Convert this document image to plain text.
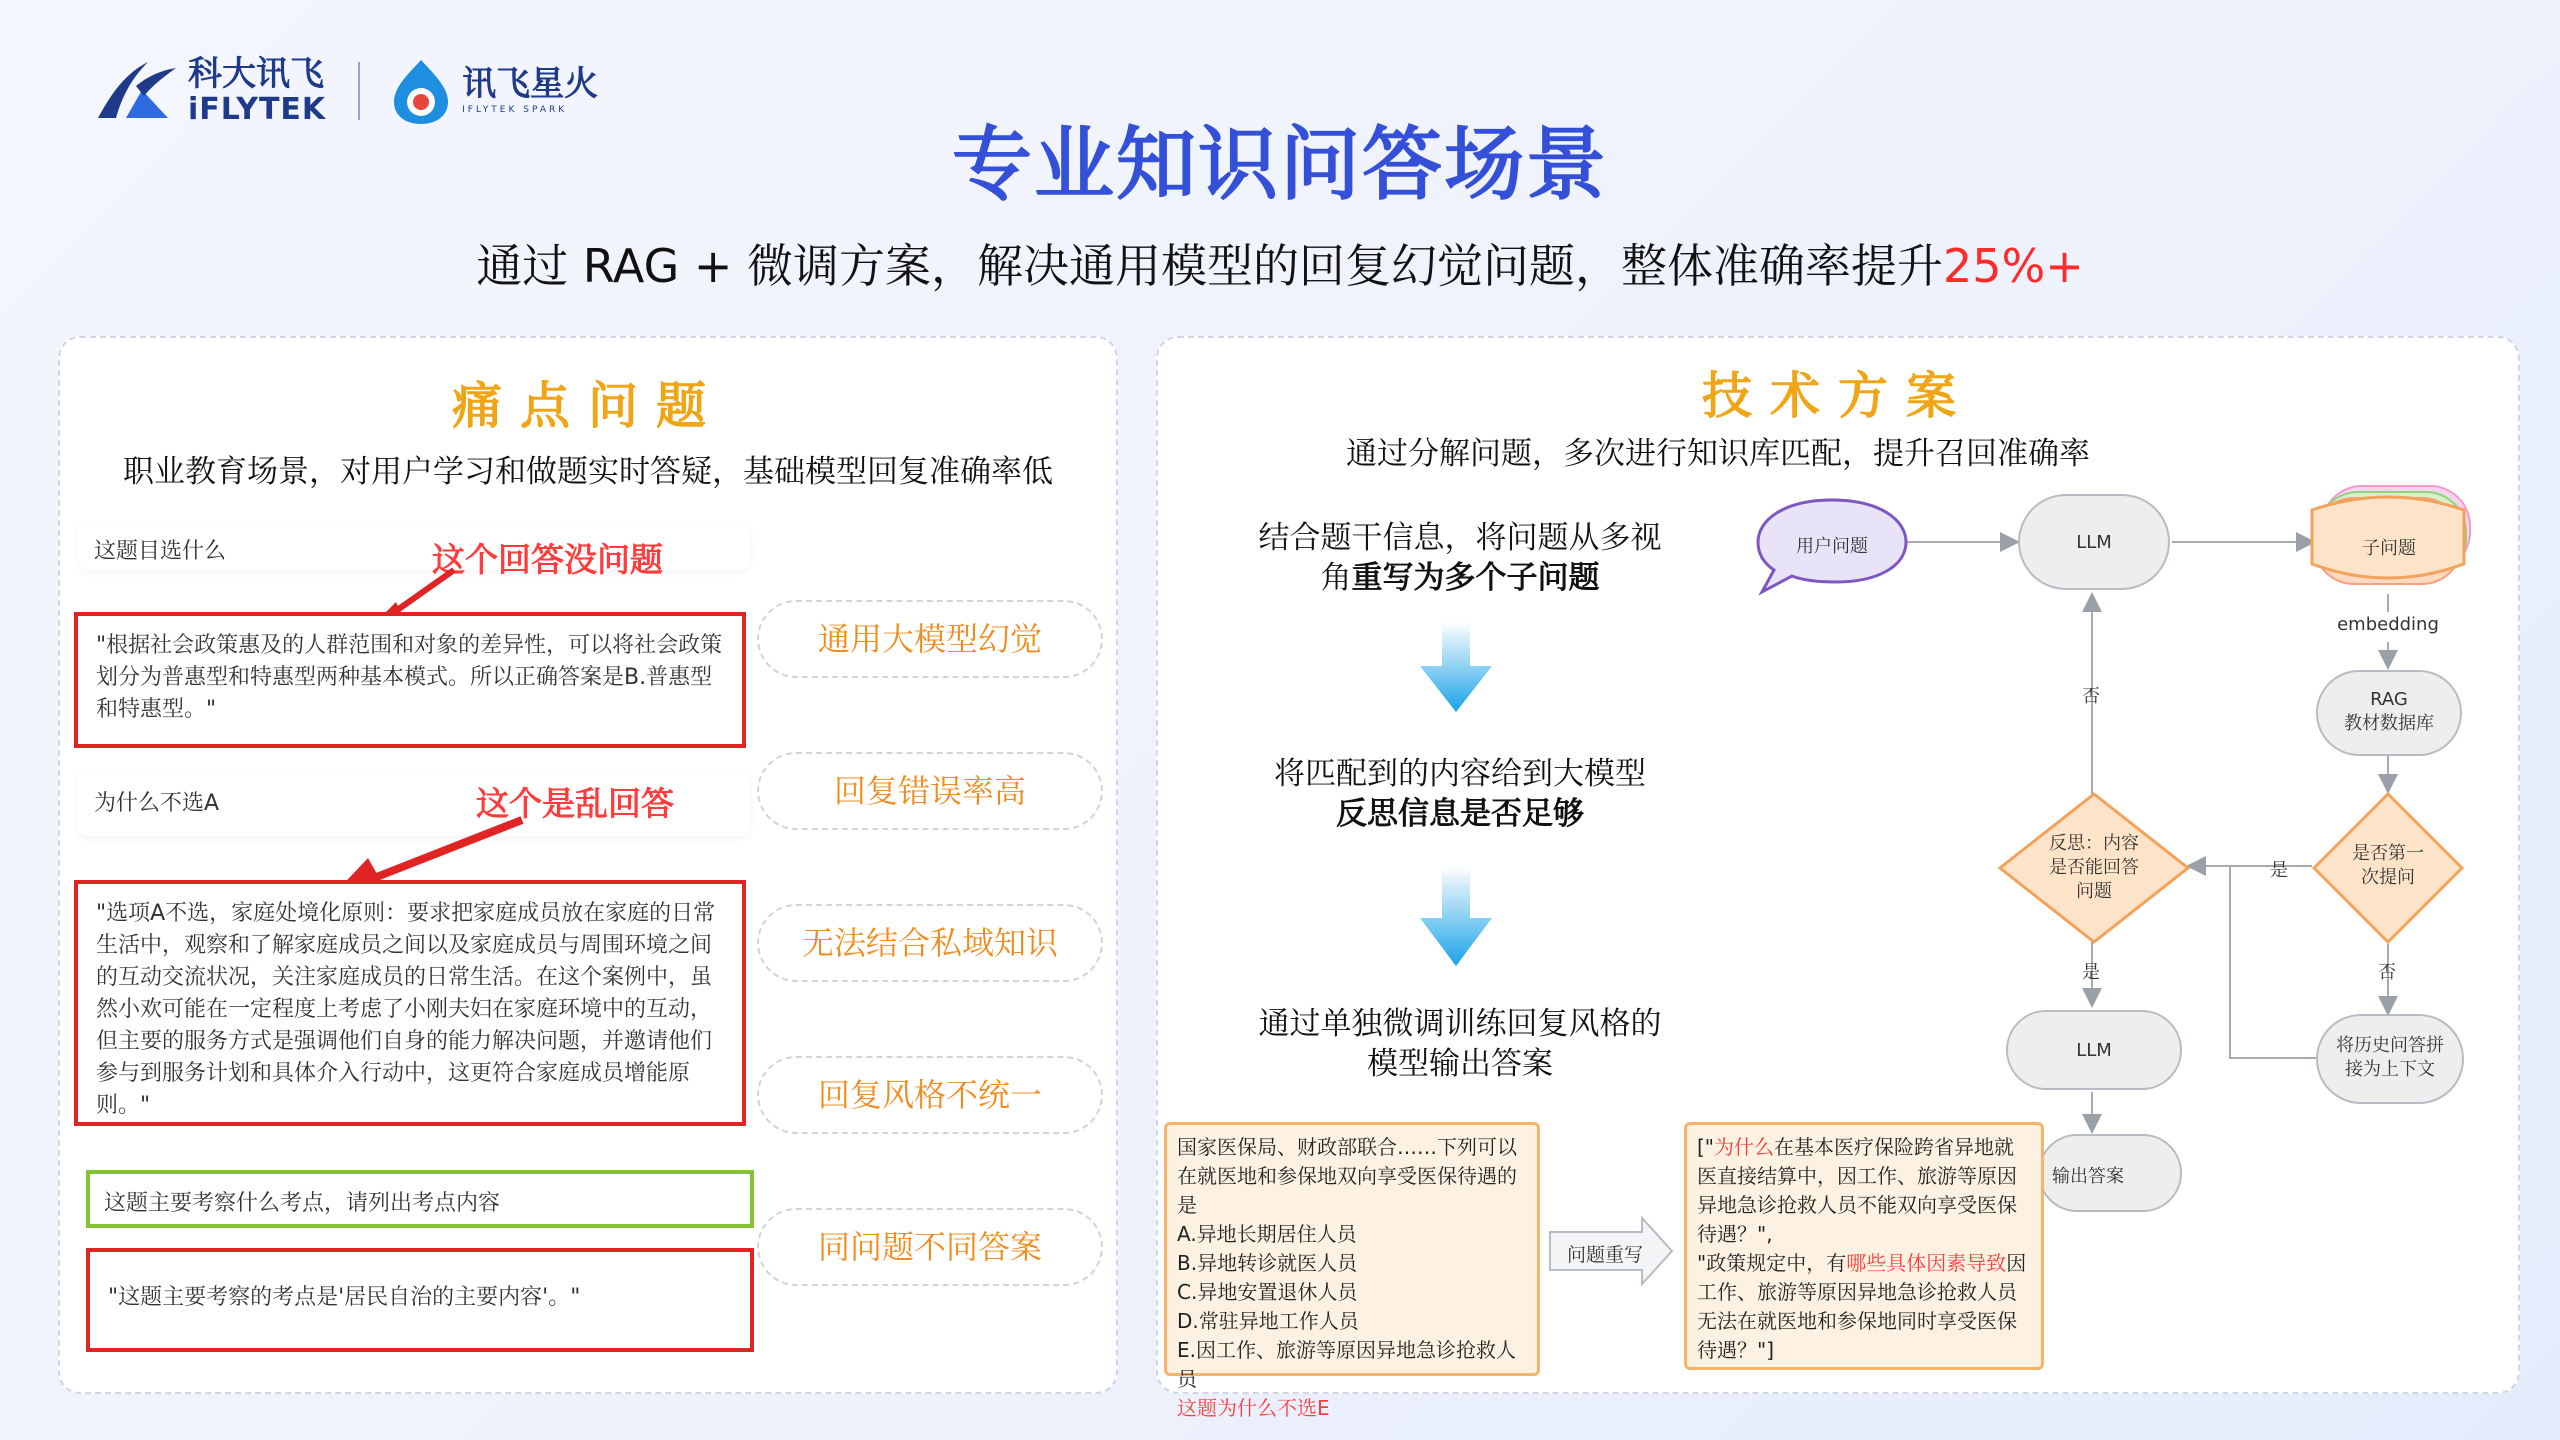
科大讯飞
iFLYTEK
讯飞星火
IFLYTEK SPARK
专业知识问答场景
通过 RAG + 微调方案，解决通用模型的回复幻觉问题，整体准确率提升25%+
痛点问题
职业教育场景，对用户学习和做题实时答疑，基础模型回复准确率低
这题目选什么	这个回答没问题
"根据社会政策惠及的人群范围和对象的差异性，可以将社会政策划分为普惠型和特惠型两种基本模式。所以正确答案是B.普惠型和特惠型。"
为什么不选A	这个是乱回答
"选项A不选，家庭处境化原则：要求把家庭成员放在家庭的日常生活中，观察和了解家庭成员之间以及家庭成员与周围环境之间的互动交流状况，关注家庭成员的日常生活。在这个案例中，虽然小欢可能在一定程度上考虑了小刚夫妇在家庭环境中的互动，但主要的服务方式是强调他们自身的能力解决问题，并邀请他们参与到服务计划和具体介入行动中，这更符合家庭成员增能原则。"
这题主要考察什么考点，请列出考点内容
"这题主要考察的考点是'居民自治的主要内容'。"
通用大模型幻觉
回复错误率高
无法结合私域知识
回复风格不统一
同问题不同答案
技术方案
通过分解问题，多次进行知识库匹配，提升召回准确率
结合题干信息，将问题从多视
角重写为多个子问题
将匹配到的内容给到大模型
反思信息是否足够
通过单独微调训练回复风格的
模型输出答案
用户问题	LLM	子问题
embedding
RAG
教材数据库
是否第一
次提问
反思：内容
是否能回答
问题
是
否
是	否
LLM	将历史问答拼
接为上下文
输出答案
国家医保局、财政部联合……下列可以在就医地和参保地双向享受医保待遇的是
A.异地长期居住人员
B.异地转诊就医人员
C.异地安置退休人员
D.常驻异地工作人员
E.因工作、旅游等原因异地急诊抢救人员
这题为什么不选E
问题重写
["为什么在基本医疗保险跨省异地就医直接结算中，因工作、旅游等原因异地急诊抢救人员不能双向享受医保待遇？",
"政策规定中，有哪些具体因素导致因工作、旅游等原因异地急诊抢救人员无法在就医地和参保地同时享受医保待遇？"]
